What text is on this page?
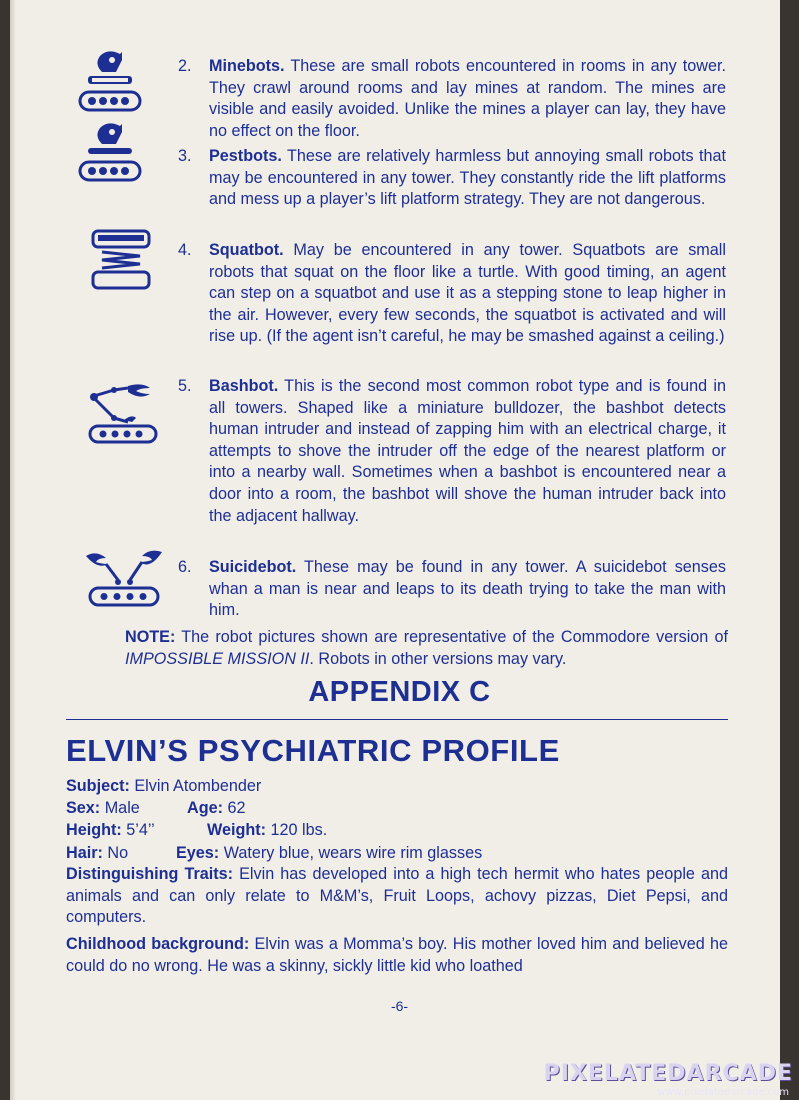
2. Minebots. These are small robots encountered in rooms in any tower. They crawl around rooms and lay mines at random. The mines are visible and easily avoided. Unlike the mines a player can lay, they have no effect on the floor.
3. Pestbots. These are relatively harmless but annoying small robots that may be encountered in any tower. They constantly ride the lift platforms and mess up a player’s lift platform strategy. They are not dangerous.
4. Squatbot. May be encountered in any tower. Squatbots are small robots that squat on the floor like a turtle. With good timing, an agent can step on a squatbot and use it as a stepping stone to leap higher in the air. However, every few seconds, the squatbot is activated and will rise up. (If the agent isn’t careful, he may be smashed against a ceiling.)
5. Bashbot. This is the second most common robot type and is found in all towers. Shaped like a miniature bulldozer, the bashbot detects human intruder and instead of zapping him with an electrical charge, it attempts to shove the intruder off the edge of the nearest platform or into a nearby wall. Sometimes when a bashbot is encountered near a door into a room, the bashbot will shove the human intruder back into the adjacent hallway.
6. Suicidebot. These may be found in any tower. A suicidebot senses whan a man is near and leaps to its death trying to take the man with him.
NOTE: The robot pictures shown are representative of the Commodore version of IMPOSSIBLE MISSION II. Robots in other versions may vary.
APPENDIX C
ELVIN’S PSYCHIATRIC PROFILE
Subject: Elvin Atombender
Sex: Male	Age: 62
Height: 5’4’’	Weight: 120 lbs.
Hair: No	Eyes: Watery blue, wears wire rim glasses
Distinguishing Traits: Elvin has developed into a high tech hermit who hates people and animals and can only relate to M&M’s, Fruit Loops, achovy pizzas, Diet Pepsi, and computers.
Childhood background: Elvin was a Momma’s boy. His mother loved him and believed he could do no wrong. He was a skinny, sickly little kid who loathed
-6-
PIXELATEDARCADE
www.pixelatedarcade.com
